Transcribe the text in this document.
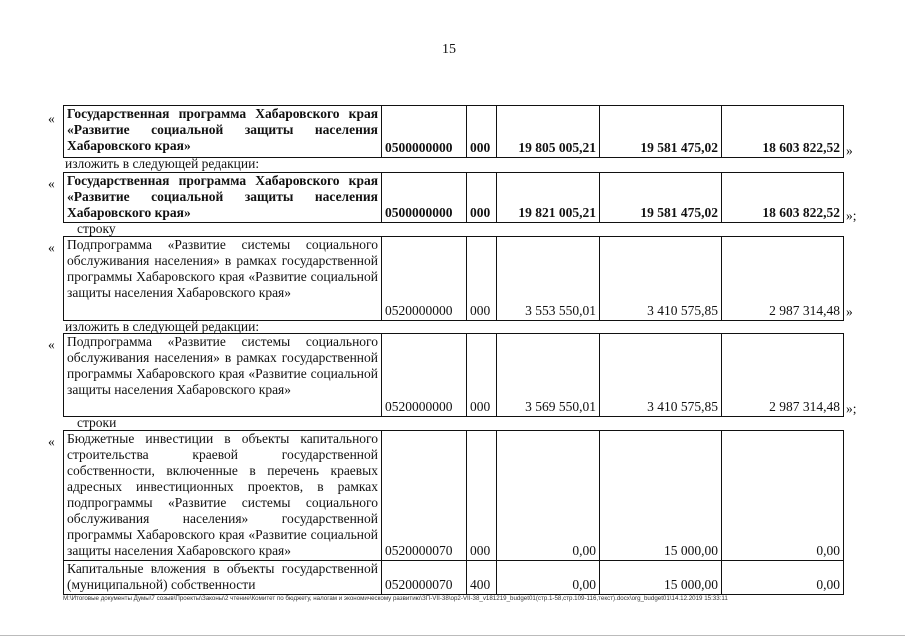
15
« Государственная программа Хабаровского края «Развитие социальной защиты населения Хабаровского края»	0500000000	000	19 805 005,21	19 581 475,02	18 603 822,52 »
изложить в следующей редакции:
« Государственная программа Хабаровского края «Развитие социальной защиты населения Хабаровского края»	0500000000	000	19 821 005,21	19 581 475,02	18 603 822,52 »;
строку
« Подпрограмма «Развитие системы социального обслуживания населения» в рамках государственной программы Хабаровского края «Развитие социальной защиты населения Хабаровского края»	0520000000	000	3 553 550,01	3 410 575,85	2 987 314,48 »
изложить в следующей редакции:
« Подпрограмма «Развитие системы социального обслуживания населения» в рамках государственной программы Хабаровского края «Развитие социальной защиты населения Хабаровского края»	0520000000	000	3 569 550,01	3 410 575,85	2 987 314,48 »;
строки
« Бюджетные инвестиции в объекты капитального строительства краевой государственной собственности, включенные в перечень краевых адресных инвестиционных проектов, в рамках подпрограммы «Развитие системы социального обслуживания населения» государственной программы Хабаровского края «Развитие социальной защиты населения Хабаровского края»	0520000070	000	0,00	15 000,00	0,00
Капитальные вложения в объекты государственной (муниципальной) собственности	0520000070	400	0,00	15 000,00	0,00
M:\Итоговые документы Думы\7 созыв\Проекты\Законы\2 чтение\Комитет по бюджету, налогам и экономическому развитию\ЗП-VII-38\ор2-VII-38_v181219_budget01(стр.1-58,стр.109-116,текст).docx\org_budget01\14.12.2019 15:33:11
